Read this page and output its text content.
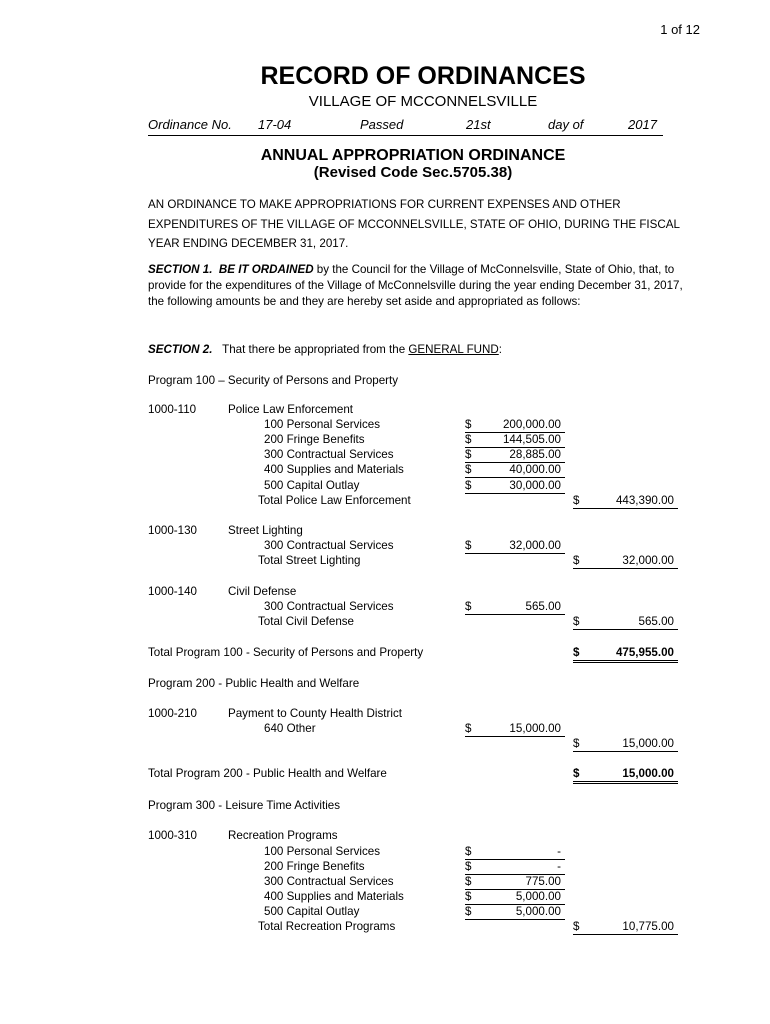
1 of 12
RECORD OF ORDINANCES
VILLAGE OF MCCONNELSVILLE
Ordinance No. 17-04	Passed	21st	day of	2017
ANNUAL APPROPRIATION ORDINANCE
(Revised Code Sec.5705.38)
AN ORDINANCE TO MAKE APPROPRIATIONS FOR CURRENT EXPENSES AND OTHER EXPENDITURES OF THE VILLAGE OF MCCONNELSVILLE, STATE OF OHIO, DURING THE FISCAL YEAR ENDING DECEMBER 31, 2017.
SECTION 1. BE IT ORDAINED by the Council for the Village of McConnelsville, State of Ohio, that, to provide for the expenditures of the Village of McConnelsville during the year ending December 31, 2017, the following amounts be and they are hereby set aside and appropriated as follows:
SECTION 2. That there be appropriated from the GENERAL FUND:
Program 100 – Security of Persons and Property
1000-110	Police Law Enforcement
100 Personal Services	$	200,000.00
200 Fringe Benefits	$	144,505.00
300 Contractual Services	$	28,885.00
400 Supplies and Materials	$	40,000.00
500 Capital Outlay	$	30,000.00
Total Police Law Enforcement	$	443,390.00
1000-130	Street Lighting
300 Contractual Services	$	32,000.00
Total Street Lighting	$	32,000.00
1000-140	Civil Defense
300 Contractual Services	$	565.00
Total Civil Defense	$	565.00
Total Program 100 - Security of Persons and Property	$	475,955.00
Program 200 - Public Health and Welfare
1000-210	Payment to County Health District
640 Other	$	15,000.00
$	15,000.00
Total Program 200 - Public Health and Welfare	$	15,000.00
Program 300 - Leisure Time Activities
1000-310	Recreation Programs
100 Personal Services	$	-
200 Fringe Benefits	$	-
300 Contractual Services	$	775.00
400 Supplies and Materials	$	5,000.00
500 Capital Outlay	$	5,000.00
Total Recreation Programs	$	10,775.00
